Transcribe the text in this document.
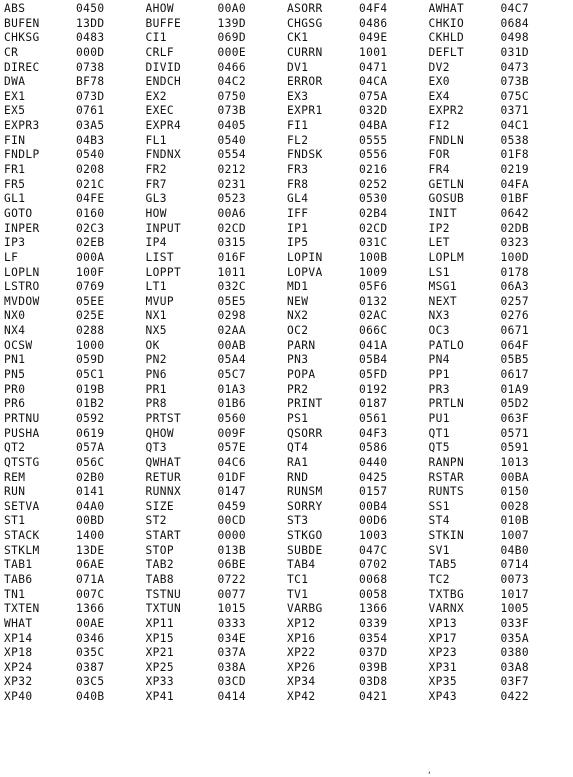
ABS	0450	AHOW	00A0	ASORR	04F4	AWHAT	04C7
BUFEN	13DD	BUFFE	139D	CHGSG	0486	CHKIO	0684
CHKSG	0483	CI1	069D	CK1	049E	CKHLD	0498
CR	000D	CRLF	000E	CURRN	1001	DEFLT	031D
DIREC	0738	DIVID	0466	DV1	0471	DV2	0473
DWA	BF78	ENDCH	04C2	ERROR	04CA	EX0	073B
EX1	073D	EX2	0750	EX3	075A	EX4	075C
EX5	0761	EXEC	073B	EXPR1	032D	EXPR2	0371
EXPR3	03A5	EXPR4	0405	FI1	04BA	FI2	04C1
FIN	04B3	FL1	0540	FL2	0555	FNDLN	0538
FNDLP	0540	FNDNX	0554	FNDSK	0556	FOR	01F8
FR1	0208	FR2	0212	FR3	0216	FR4	0219
FR5	021C	FR7	0231	FR8	0252	GETLN	04FA
GL1	04FE	GL3	0523	GL4	0530	GOSUB	01BF
GOTO	0160	HOW	00A6	IFF	02B4	INIT	0642
INPER	02C3	INPUT	02CD	IP1	02CD	IP2	02DB
IP3	02EB	IP4	0315	IP5	031C	LET	0323
LF	000A	LIST	016F	LOPIN	100B	LOPLM	100D
LOPLN	100F	LOPPT	1011	LOPVA	1009	LS1	0178
LSTRO	0769	LT1	032C	MD1	05F6	MSG1	06A3
MVDOW	05EE	MVUP	05E5	NEW	0132	NEXT	0257
NX0	025E	NX1	0298	NX2	02AC	NX3	0276
NX4	0288	NX5	02AA	OC2	066C	OC3	0671
OCSW	1000	OK	00AB	PARN	041A	PATLO	064F
PN1	059D	PN2	05A4	PN3	05B4	PN4	05B5
PN5	05C1	PN6	05C7	POPA	05FD	PP1	0617
PR0	019B	PR1	01A3	PR2	0192	PR3	01A9
PR6	01B2	PR8	01B6	PRINT	0187	PRTLN	05D2
PRTNU	0592	PRTST	0560	PS1	0561	PU1	063F
PUSHA	0619	QHOW	009F	QSORR	04F3	QT1	0571
QT2	057A	QT3	057E	QT4	0586	QT5	0591
QTSTG	056C	QWHAT	04C6	RA1	0440	RANPN	1013
REM	02B0	RETUR	01DF	RND	0425	RSTAR	00BA
RUN	0141	RUNNX	0147	RUNSM	0157	RUNTS	0150
SETVA	04A0	SIZE	0459	SORRY	00B4	SS1	0028
ST1	00BD	ST2	00CD	ST3	00D6	ST4	010B
STACK	1400	START	0000	STKGO	1003	STKIN	1007
STKLM	13DE	STOP	013B	SUBDE	047C	SV1	04B0
TAB1	06AE	TAB2	06BE	TAB4	0702	TAB5	0714
TAB6	071A	TAB8	0722	TC1	0068	TC2	0073
TN1	007C	TSTNU	0077	TV1	0058	TXTBG	1017
TXTEN	1366	TXTUN	1015	VARBG	1366	VARNX	1005
WHAT	00AE	XP11	0333	XP12	0339	XP13	033F
XP14	0346	XP15	034E	XP16	0354	XP17	035A
XP18	035C	XP21	037A	XP22	037D	XP23	0380
XP24	0387	XP25	038A	XP26	039B	XP31	03A8
XP32	03C5	XP33	03CD	XP34	03D8	XP35	03F7
XP40	040B	XP41	0414	XP42	0421	XP43	0422
,
